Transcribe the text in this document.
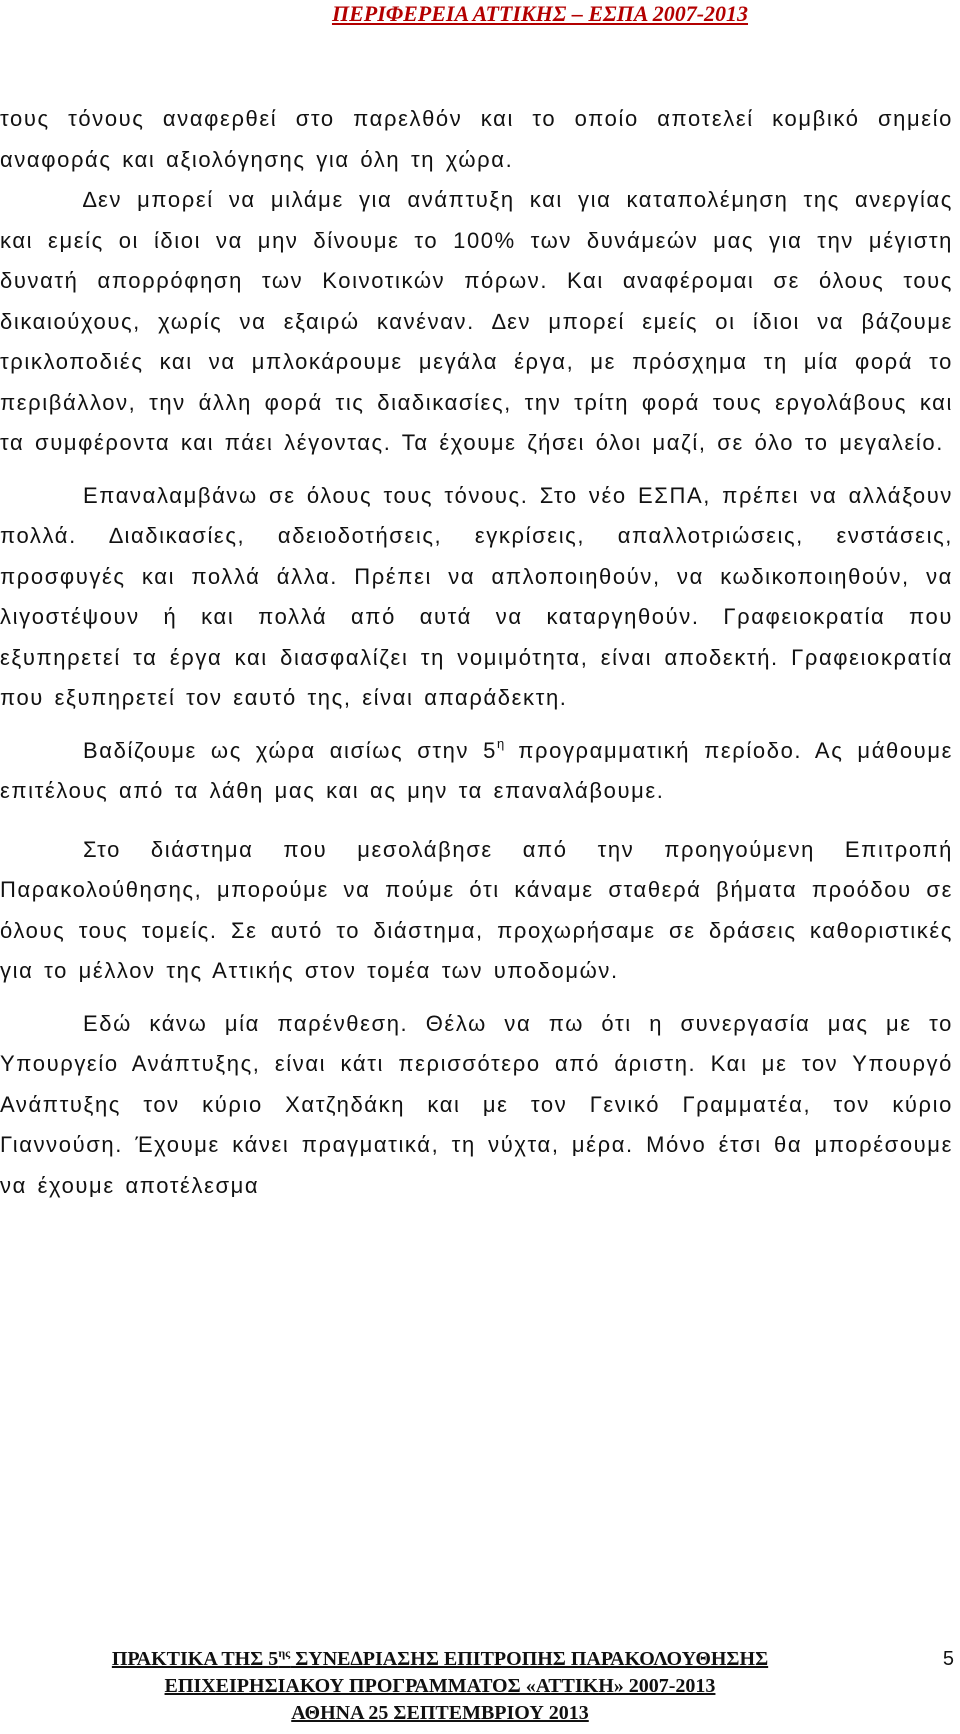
ΠΕΡΙΦΕΡΕΙΑ ΑΤΤΙΚΗΣ – ΕΣΠΑ 2007-2013

τους τόνους αναφερθεί στο παρελθόν και το οποίο αποτελεί κομβικό σημείο αναφοράς και αξιολόγησης για όλη τη χώρα.

∆εν μπορεί να μιλάμε για ανάπτυξη και για καταπολέμηση της ανεργίας και εμείς οι ίδιοι να μην δίνουμε το 100% των δυνάμεών μας για την μέγιστη δυνατή απορρόφηση των Κοινοτικών πόρων. Και αναφέρομαι σε όλους τους δικαιούχους, χωρίς να εξαιρώ κανέναν. ∆εν μπορεί εμείς οι ίδιοι να βάζουμε τρικλοποδιές και να μπλοκάρουμε μεγάλα έργα, με πρόσχημα τη μία φορά το περιβάλλον, την άλλη φορά τις διαδικασίες, την τρίτη φορά τους εργολάβους και τα συμφέροντα και πάει λέγοντας. Τα έχουμε ζήσει όλοι μαζί, σε όλο το μεγαλείο.

Επαναλαμβάνω σε όλους τους τόνους. Στο νέο ΕΣΠΑ, πρέπει να αλλάξουν πολλά. ∆ιαδικασίες, αδειοδοτήσεις, εγκρίσεις, απαλλοτριώσεις, ενστάσεις, προσφυγές και πολλά άλλα. Πρέπει να απλοποιηθούν, να κωδικοποιηθούν, να λιγοστέψουν ή και πολλά από αυτά να καταργηθούν. Γραφειοκρατία που εξυπηρετεί τα έργα και διασφαλίζει τη νομιμότητα, είναι αποδεκτή. Γραφειοκρατία που εξυπηρετεί τον εαυτό της, είναι απαράδεκτη.

Βαδίζουμε ως χώρα αισίως στην $5^\eta$ προγραμματική περίοδο. Ας μάθουμε επιτέλους από τα λάθη μας και ας μην τα επαναλάβουμε.

Στο διάστημα που μεσολάβησε από την προηγούμενη Επιτροπή Παρακολούθησης, μπορούμε να πούμε ότι κάναμε σταθερά βήματα προόδου σε όλους τους τομείς. Σε αυτό το διάστημα, προχωρήσαμε σε δράσεις καθοριστικές για το μέλλον της Αττικής στον τομέα των υποδομών.

Εδώ κάνω μία παρένθεση. Θέλω να πω ότι η συνεργασία μας με το Υπουργείο Ανάπτυξης, είναι κάτι περισσότερο από άριστη. Και με τον Υπουργό Ανάπτυξης τον κύριο Χατζηδάκη και με τον Γενικό Γραμματέα, τον κύριο Γιαννούση. Έχουμε κάνει πραγματικά, τη νύχτα, μέρα. Μόνο έτσι θα μπορέσουμε να έχουμε αποτέλεσμα

ΠΡΑΚΤΙΚΑ ΤΗΣ $5^{\eta\varsigma}$ ΣΥΝΕ∆ΡΙΑΣΗΣ ΕΠΙΤΡΟΠΗΣ ΠΑΡΑΚΟΛΟΥΘΗΣΗΣ
ΕΠΙΧΕΙΡΗΣΙΑΚΟΥ ΠΡΟΓΡΑΜΜΑΤΟΣ «ΑΤΤΙΚΗ» 2007-2013
ΑΘΗΝΑ 25 ΣΕΠΤΕΜΒΡΙΟΥ 2013
5
